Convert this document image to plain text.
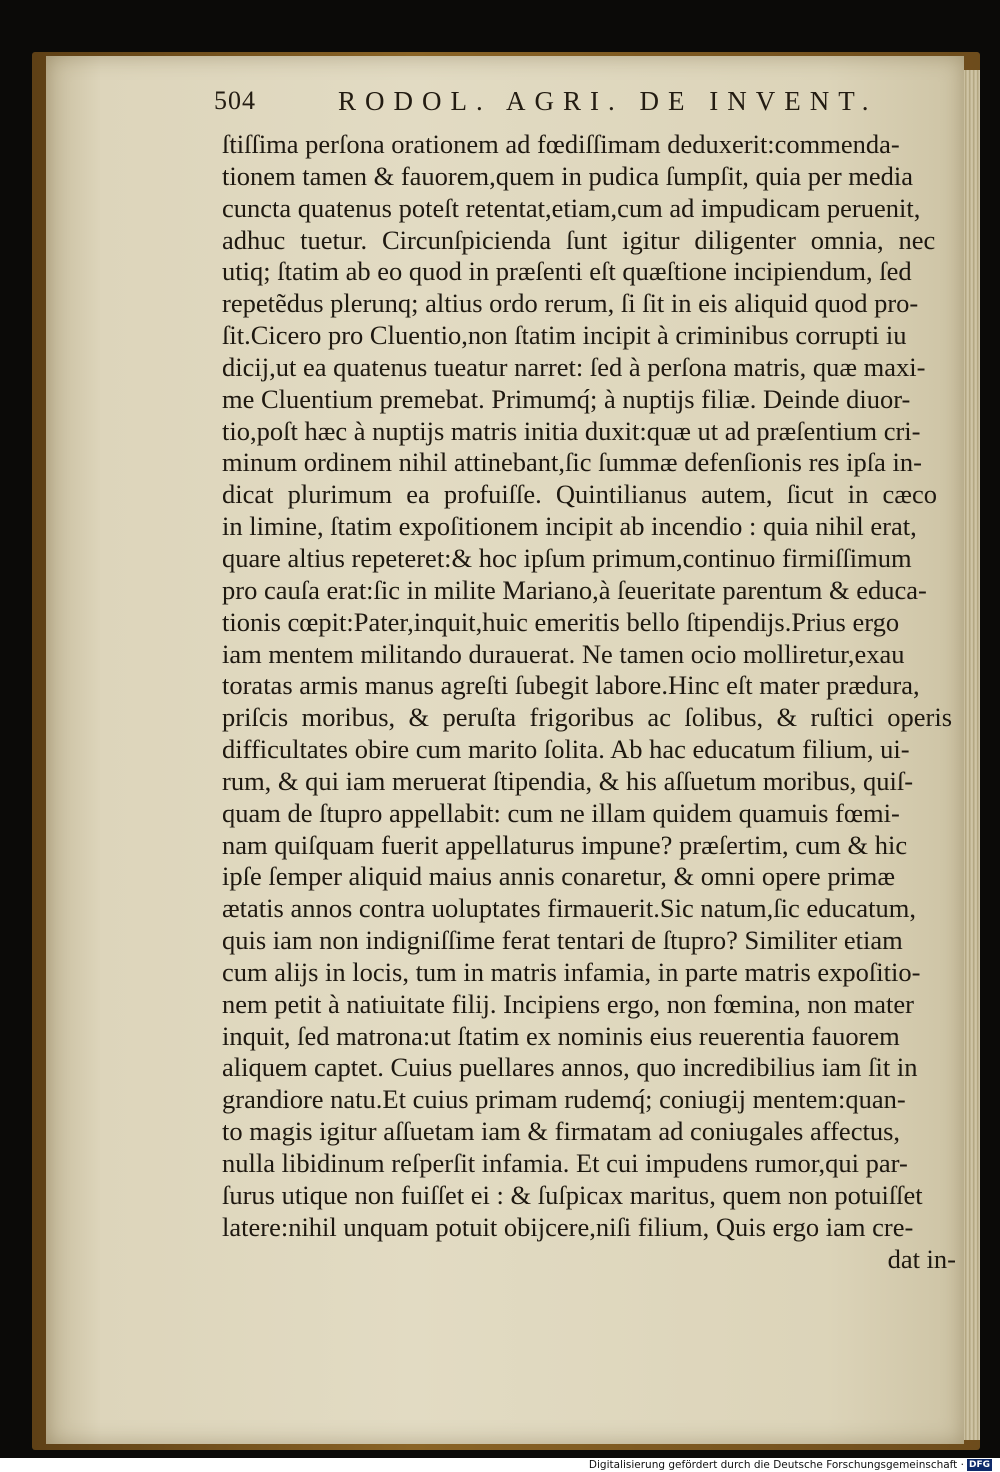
504	RODOL. AGRI. DE INVENT.
ſtiſſima perſona orationem ad fœdiſſimam deduxerit:commenda-
tionem tamen & fauorem,quem in pudica ſumpſit, quia per media
cuncta quatenus poteſt retentat,etiam,cum ad impudicam peruenit,
adhuc tuetur. Circunſpicienda ſunt igitur diligenter omnia, nec
utiq; ſtatim ab eo quod in præſenti eſt quæſtione incipiendum, ſed
repetẽdus plerunq; altius ordo rerum, ſi ſit in eis aliquid quod pro-
ſit.Cicero pro Cluentio,non ſtatim incipit à criminibus corrupti iu
dicij,ut ea quatenus tueatur narret: ſed à perſona matris, quæ maxi-
me Cluentium premebat. Primumq́; à nuptijs filiæ. Deinde diuor-
tio,poſt hæc à nuptijs matris initia duxit:quæ ut ad præſentium cri-
minum ordinem nihil attinebant,ſic ſummæ defenſionis res ipſa in-
dicat plurimum ea profuiſſe. Quintilianus autem, ſicut in cæco
in limine, ſtatim expoſitionem incipit ab incendio : quia nihil erat,
quare altius repeteret:& hoc ipſum primum,continuo firmiſſimum
pro cauſa erat:ſic in milite Mariano,à ſeueritate parentum & educa-
tionis cœpit:Pater,inquit,huic emeritis bello ſtipendijs.Prius ergo
iam mentem militando durauerat. Ne tamen ocio molliretur,exau
toratas armis manus agreſti ſubegit labore.Hinc eſt mater prædura,
priſcis moribus, & peruſta frigoribus ac ſolibus, & ruſtici operis
difficultates obire cum marito ſolita. Ab hac educatum filium, ui-
rum, & qui iam meruerat ſtipendia, & his aſſuetum moribus, quiſ-
quam de ſtupro appellabit: cum ne illam quidem quamuis fœmi-
nam quiſquam fuerit appellaturus impune? præſertim, cum & hic
ipſe ſemper aliquid maius annis conaretur, & omni opere primæ
ætatis annos contra uoluptates firmauerit.Sic natum,ſic educatum,
quis iam non indigniſſime ferat tentari de ſtupro? Similiter etiam
cum alijs in locis, tum in matris infamia, in parte matris expoſitio-
nem petit à natiuitate filij. Incipiens ergo, non fœmina, non mater
inquit, ſed matrona:ut ſtatim ex nominis eius reuerentia fauorem
aliquem captet. Cuius puellares annos, quo incredibilius iam ſit in
grandiore natu.Et cuius primam rudemq́; coniugij mentem:quan-
to magis igitur aſſuetam iam & firmatam ad coniugales affectus,
nulla libidinum reſperſit infamia. Et cui impudens rumor,qui par-
ſurus utique non fuiſſet ei : & ſuſpicax maritus, quem non potuiſſet
latere:nihil unquam potuit obijcere,niſi filium, Quis ergo iam cre-
dat in-
Digitalisierung gefördert durch die Deutsche Forschungsgemeinschaft · DFG
